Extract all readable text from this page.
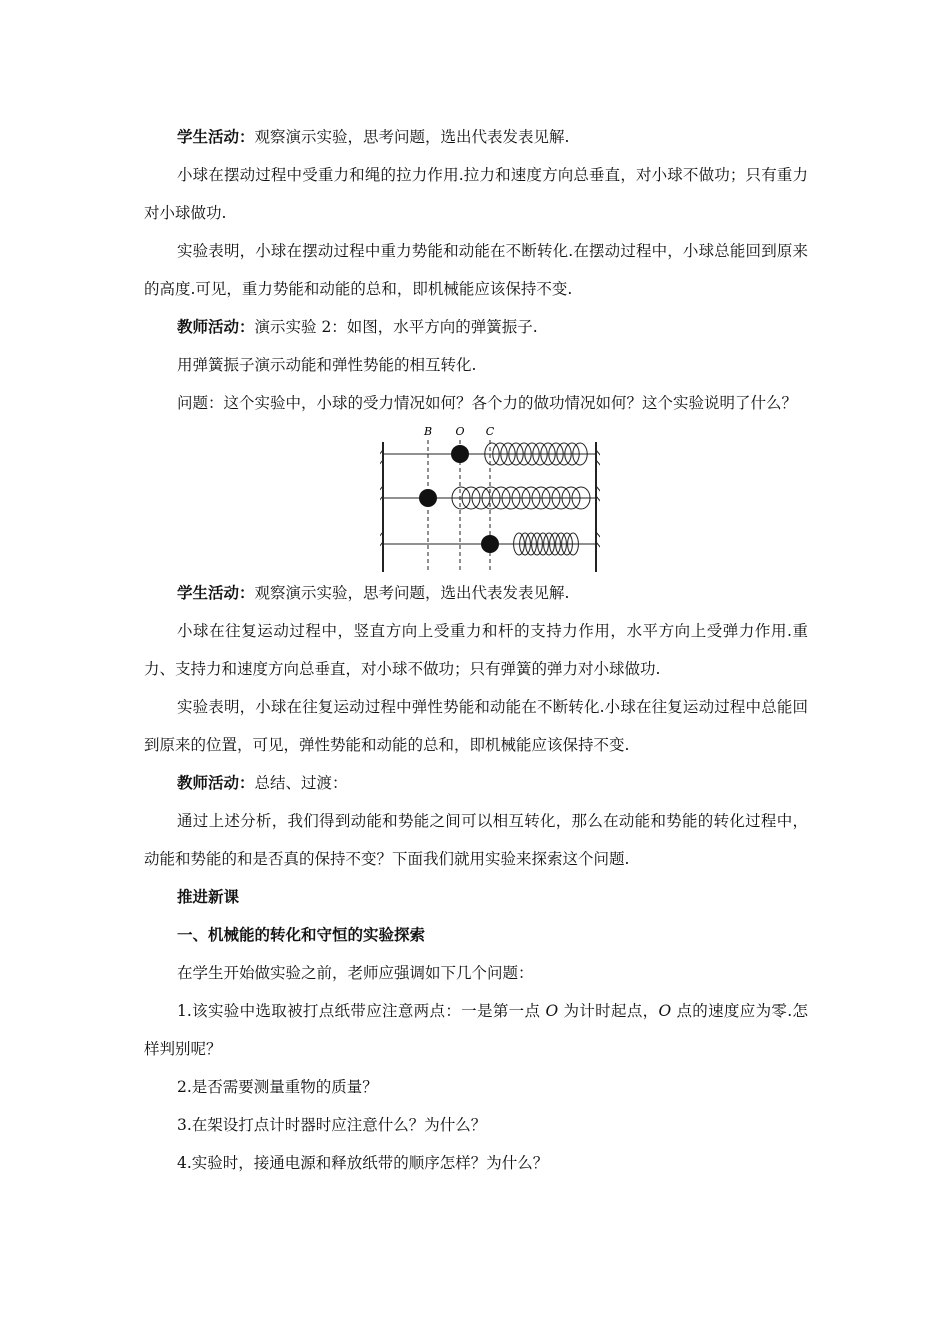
学生活动：观察演示实验，思考问题，选出代表发表见解.

小球在摆动过程中受重力和绳的拉力作用.拉力和速度方向总垂直，对小球不做功；只有重力对小球做功.

实验表明，小球在摆动过程中重力势能和动能在不断转化.在摆动过程中，小球总能回到原来的高度.可见，重力势能和动能的总和，即机械能应该保持不变.

教师活动：演示实验 2：如图，水平方向的弹簧振子.

用弹簧振子演示动能和弹性势能的相互转化.

问题：这个实验中，小球的受力情况如何？各个力的做功情况如何？这个实验说明了什么？

B O C

学生活动：观察演示实验，思考问题，选出代表发表见解.

小球在往复运动过程中，竖直方向上受重力和杆的支持力作用，水平方向上受弹力作用.重力、支持力和速度方向总垂直，对小球不做功；只有弹簧的弹力对小球做功.

实验表明，小球在往复运动过程中弹性势能和动能在不断转化.小球在往复运动过程中总能回到原来的位置，可见，弹性势能和动能的总和，即机械能应该保持不变.

教师活动：总结、过渡：

通过上述分析，我们得到动能和势能之间可以相互转化，那么在动能和势能的转化过程中，动能和势能的和是否真的保持不变？下面我们就用实验来探索这个问题.

推进新课

一、机械能的转化和守恒的实验探索

在学生开始做实验之前，老师应强调如下几个问题：

1.该实验中选取被打点纸带应注意两点：一是第一点 O 为计时起点，O 点的速度应为零.怎样判别呢？

2.是否需要测量重物的质量？

3.在架设打点计时器时应注意什么？为什么？

4.实验时，接通电源和释放纸带的顺序怎样？为什么？
